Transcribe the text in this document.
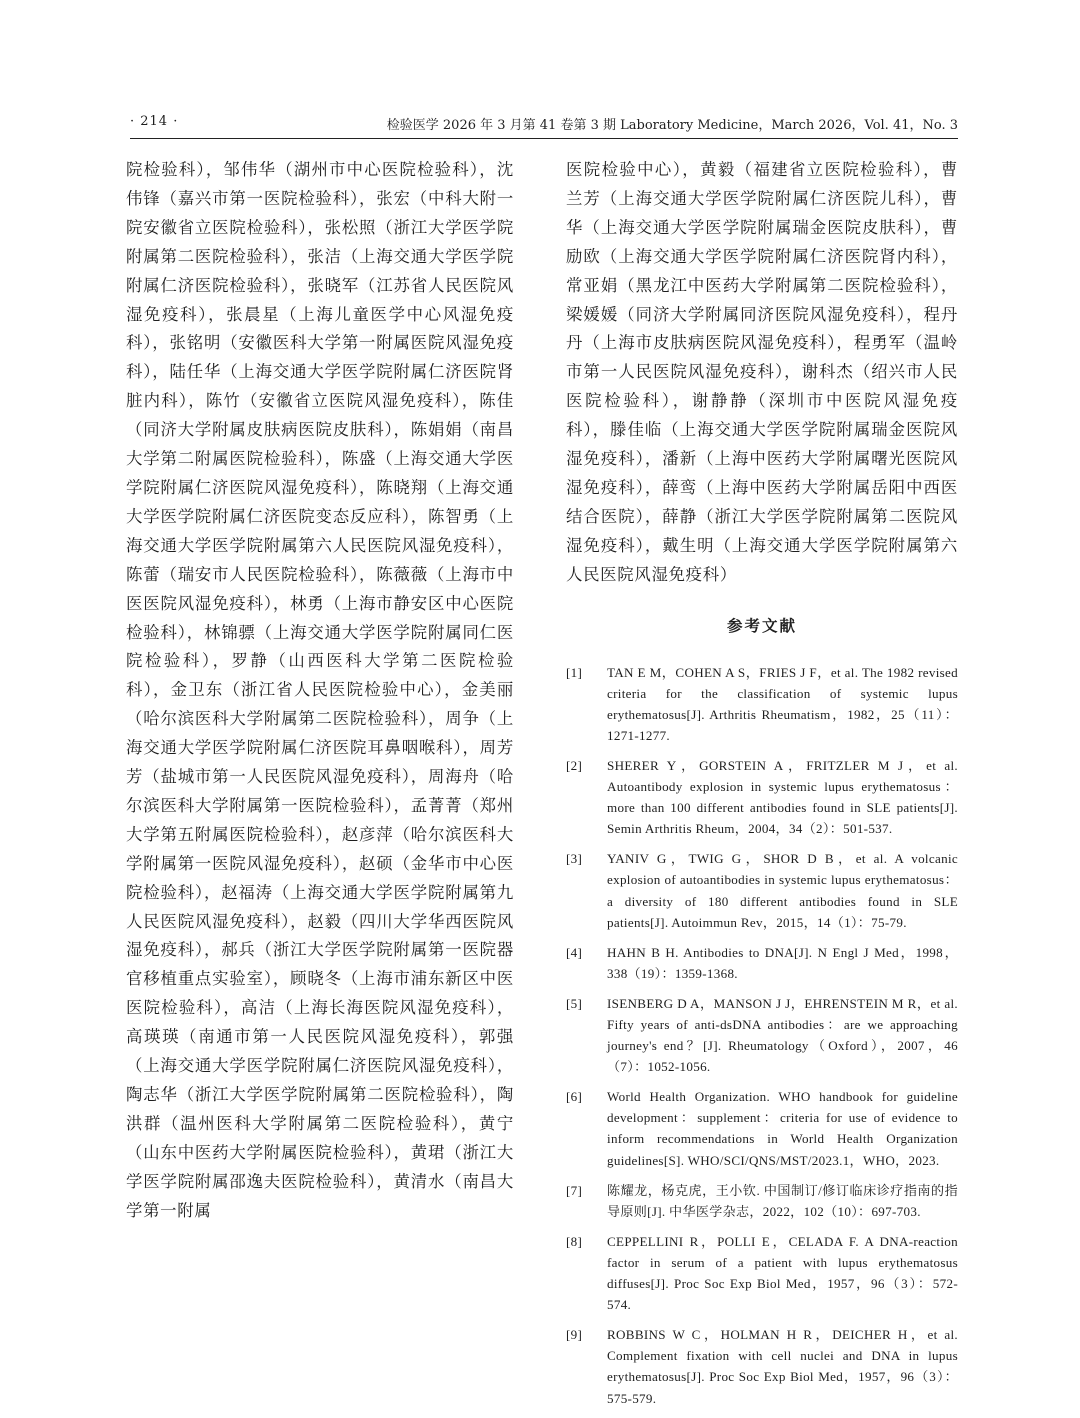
· 214 ·	检验医学 2026 年 3 月第 41 卷第 3 期 Laboratory Medicine，March 2026，Vol. 41，No. 3

院检验科），邹伟华（湖州市中心医院检验科），沈伟锋（嘉兴市第一医院检验科），张宏（中科大附一院安徽省立医院检验科），张松照（浙江大学医学院附属第二医院检验科），张洁（上海交通大学医学院附属仁济医院检验科），张晓军（江苏省人民医院风湿免疫科），张晨星（上海儿童医学中心风湿免疫科），张铭明（安徽医科大学第一附属医院风湿免疫科），陆任华（上海交通大学医学院附属仁济医院肾脏内科），陈竹（安徽省立医院风湿免疫科），陈佳（同济大学附属皮肤病医院皮肤科），陈娟娟（南昌大学第二附属医院检验科），陈盛（上海交通大学医学院附属仁济医院风湿免疫科），陈晓翔（上海交通大学医学院附属仁济医院变态反应科），陈智勇（上海交通大学医学院附属第六人民医院风湿免疫科），陈蕾（瑞安市人民医院检验科），陈薇薇（上海市中医医院风湿免疫科），林勇（上海市静安区中心医院检验科），林锦骠（上海交通大学医学院附属同仁医院检验科），罗静（山西医科大学第二医院检验科），金卫东（浙江省人民医院检验中心），金美丽（哈尔滨医科大学附属第二医院检验科），周争（上海交通大学医学院附属仁济医院耳鼻咽喉科），周芳芳（盐城市第一人民医院风湿免疫科），周海舟（哈尔滨医科大学附属第一医院检验科），孟菁菁（郑州大学第五附属医院检验科），赵彦萍（哈尔滨医科大学附属第一医院风湿免疫科），赵硕（金华市中心医院检验科），赵福涛（上海交通大学医学院附属第九人民医院风湿免疫科），赵毅（四川大学华西医院风湿免疫科），郝兵（浙江大学医学院附属第一医院器官移植重点实验室），顾晓冬（上海市浦东新区中医医院检验科），高洁（上海长海医院风湿免疫科），高瑛瑛（南通市第一人民医院风湿免疫科），郭强（上海交通大学医学院附属仁济医院风湿免疫科），陶志华（浙江大学医学院附属第二医院检验科），陶洪群（温州医科大学附属第二医院检验科），黄宁（山东中医药大学附属医院检验科），黄珺（浙江大学医学院附属邵逸夫医院检验科），黄清水（南昌大学第一附属

医院检验中心），黄毅（福建省立医院检验科），曹兰芳（上海交通大学医学院附属仁济医院儿科），曹华（上海交通大学医学院附属瑞金医院皮肤科），曹励欧（上海交通大学医学院附属仁济医院肾内科），常亚娟（黑龙江中医药大学附属第二医院检验科），梁媛媛（同济大学附属同济医院风湿免疫科），程丹丹（上海市皮肤病医院风湿免疫科），程勇军（温岭市第一人民医院风湿免疫科），谢科杰（绍兴市人民医院检验科），谢静静（深圳市中医院风湿免疫科），滕佳临（上海交通大学医学院附属瑞金医院风湿免疫科），潘新（上海中医药大学附属曙光医院风湿免疫科），薛鸾（上海中医药大学附属岳阳中西医结合医院），薛静（浙江大学医学院附属第二医院风湿免疫科），戴生明（上海交通大学医学院附属第六人民医院风湿免疫科）

参考文献
[1]	TAN E M，COHEN A S，FRIES J F，et al. The 1982 revised criteria for the classification of systemic lupus erythematosus[J]. Arthritis Rheumatism，1982，25（11）：1271-1277.
[2]	SHERER Y，GORSTEIN A，FRITZLER M J，et al. Autoantibody explosion in systemic lupus erythematosus：more than 100 different antibodies found in SLE patients[J]. Semin Arthritis Rheum，2004，34（2）：501-537.
[3]	YANIV G，TWIG G，SHOR D B，et al. A volcanic explosion of autoantibodies in systemic lupus erythematosus：a diversity of 180 different antibodies found in SLE patients[J]. Autoimmun Rev，2015，14（1）：75-79.
[4]	HAHN B H. Antibodies to DNA[J]. N Engl J Med，1998，338（19）：1359-1368.
[5]	ISENBERG D A，MANSON J J，EHRENSTEIN M R，et al. Fifty years of anti-dsDNA antibodies：are we approaching journey's end？[J]. Rheumatology（Oxford），2007，46（7）：1052-1056.
[6]	World Health Organization. WHO handbook for guideline development：supplement：criteria for use of evidence to inform recommendations in World Health Organization guidelines[S]. WHO/SCI/QNS/MST/2023.1，WHO，2023.
[7]	陈耀龙，杨克虎，王小钦. 中国制订/修订临床诊疗指南的指导原则[J]. 中华医学杂志，2022，102（10）：697-703.
[8]	CEPPELLINI R，POLLI E，CELADA F. A DNA-reaction factor in serum of a patient with lupus erythematosus diffuses[J]. Proc Soc Exp Biol Med，1957，96（3）：572-574.
[9]	ROBBINS W C，HOLMAN H R，DEICHER H，et al. Complement fixation with cell nuclei and DNA in lupus erythematosus[J]. Proc Soc Exp Biol Med，1957，96（3）：575-579.
